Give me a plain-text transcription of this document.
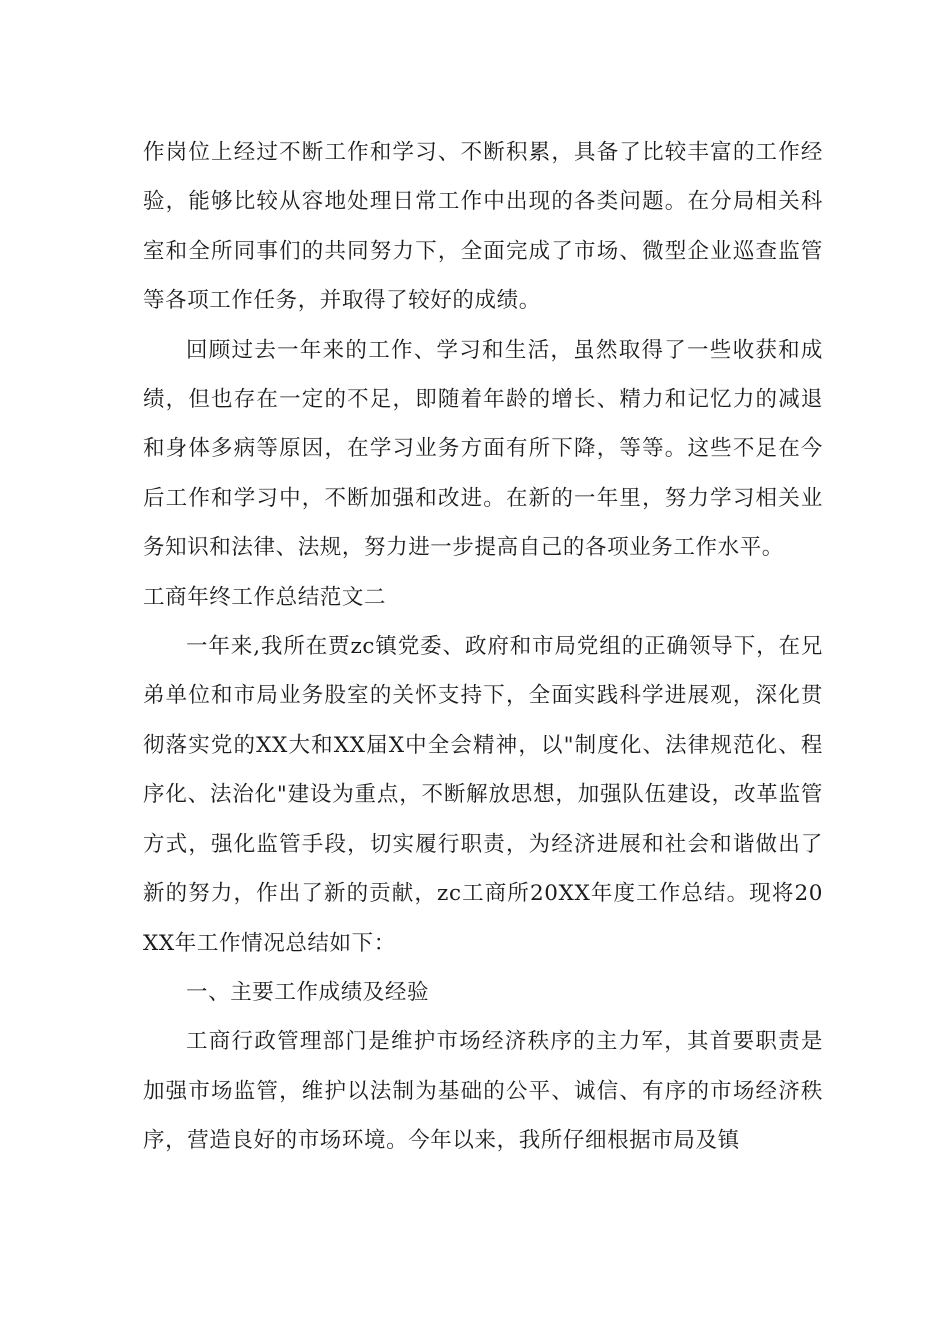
作岗位上经过不断工作和学习、不断积累，具备了比较丰富的工作经验，能够比较从容地处理日常工作中出现的各类问题。在分局相关科室和全所同事们的共同努力下，全面完成了市场、微型企业巡查监管等各项工作任务，并取得了较好的成绩。

回顾过去一年来的工作、学习和生活，虽然取得了一些收获和成绩，但也存在一定的不足，即随着年龄的增长、精力和记忆力的减退和身体多病等原因，在学习业务方面有所下降，等等。这些不足在今后工作和学习中，不断加强和改进。在新的一年里，努力学习相关业务知识和法律、法规，努力进一步提高自己的各项业务工作水平。

工商年终工作总结范文二

一年来,我所在贾zc镇党委、政府和市局党组的正确领导下，在兄弟单位和市局业务股室的关怀支持下，全面实践科学进展观，深化贯彻落实党的XX大和XX届X中全会精神，以"制度化、法律规范化、程序化、法治化"建设为重点，不断解放思想，加强队伍建设，改革监管方式，强化监管手段，切实履行职责，为经济进展和社会和谐做出了新的努力，作出了新的贡献，zc工商所20XX年度工作总结。现将20XX年工作情况总结如下：

一、主要工作成绩及经验

工商行政管理部门是维护市场经济秩序的主力军，其首要职责是加强市场监管，维护以法制为基础的公平、诚信、有序的市场经济秩序，营造良好的市场环境。今年以来，我所仔细根据市局及镇
